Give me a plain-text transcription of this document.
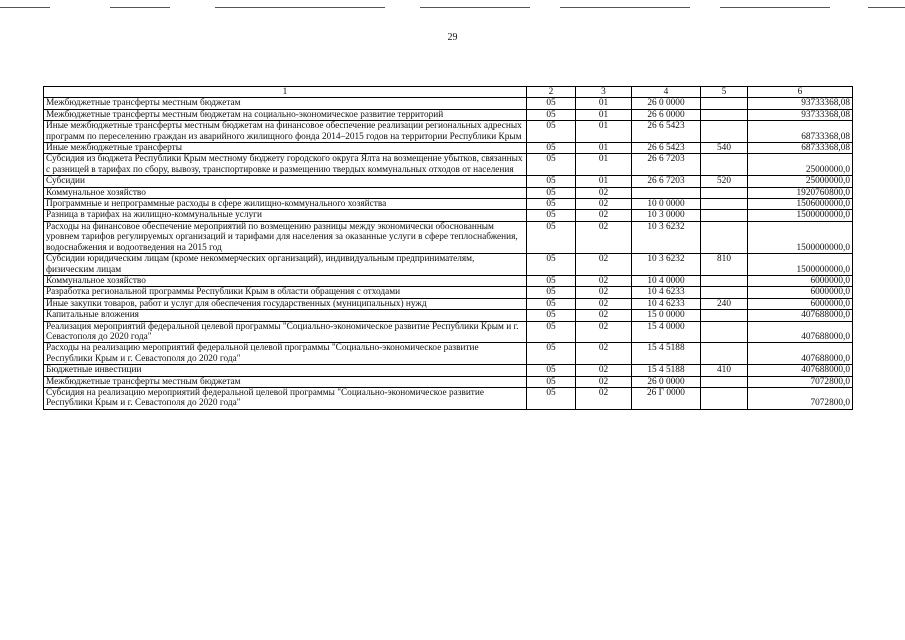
29
1	2	3	4	5	6
Межбюджетные трансферты местным бюджетам	05	01	26 0 0000		93733368,08
Межбюджетные трансферты местным бюджетам на социально-экономическое развитие территорий	05	01	26 6 0000		93733368,08
Иные межбюджетные трансферты местным бюджетам на финансовое обеспечение реализации региональных адресных программ по переселению граждан из аварийного жилищного фонда 2014–2015 годов на территории Республики Крым	05	01	26 6 5423		68733368,08
Иные межбюджетные трансферты	05	01	26 6 5423	540	68733368,08
Субсидия из бюджета Республики Крым местному бюджету городского округа Ялта на возмещение убытков, связанных с разницей в тарифах по сбору, вывозу, транспортировке и размещению твердых коммунальных отходов от населения	05	01	26 6 7203		25000000,0
Субсидии	05	01	26 6 7203	520	25000000,0
Коммунальное хозяйство	05	02			1920760800,0
Программные и непрограммные расходы в сфере жилищно-коммунального хозяйства	05	02	10 0 0000		1506000000,0
Разница в тарифах на жилищно-коммунальные услуги	05	02	10 3 0000		1500000000,0
Расходы на финансовое обеспечение мероприятий по возмещению разницы между экономически обоснованным уровнем тарифов регулируемых организаций и тарифами для населения за оказанные услуги в сфере теплоснабжения, водоснабжения и водоотведения на 2015 год	05	02	10 3 6232		1500000000,0
Субсидии юридическим лицам (кроме некоммерческих организаций), индивидуальным предпринимателям, физическим лицам	05	02	10 3 6232	810	1500000000,0
Коммунальное хозяйство	05	02	10 4 0000		6000000,0
Разработка региональной программы Республики Крым в области обращения с отходами	05	02	10 4 6233		6000000,0
Иные закупки товаров, работ и услуг для обеспечения государственных (муниципальных) нужд	05	02	10 4 6233	240	6000000,0
Капитальные вложения	05	02	15 0 0000		407688000,0
Реализация мероприятий федеральной целевой программы "Социально-экономическое развитие Республики Крым и г. Севастополя до 2020 года"	05	02	15 4 0000		407688000,0
Расходы на реализацию мероприятий федеральной целевой программы "Социально-экономическое развитие Республики Крым и г. Севастополя до 2020 года"	05	02	15 4 5188		407688000,0
Бюджетные инвестиции	05	02	15 4 5188	410	407688000,0
Межбюджетные трансферты местным бюджетам	05	02	26 0 0000		7072800,0
Субсидия на реализацию мероприятий федеральной целевой программы "Социально-экономическое развитие Республики Крым и г. Севастополя до 2020 года"	05	02	26 Г 0000		7072800,0
